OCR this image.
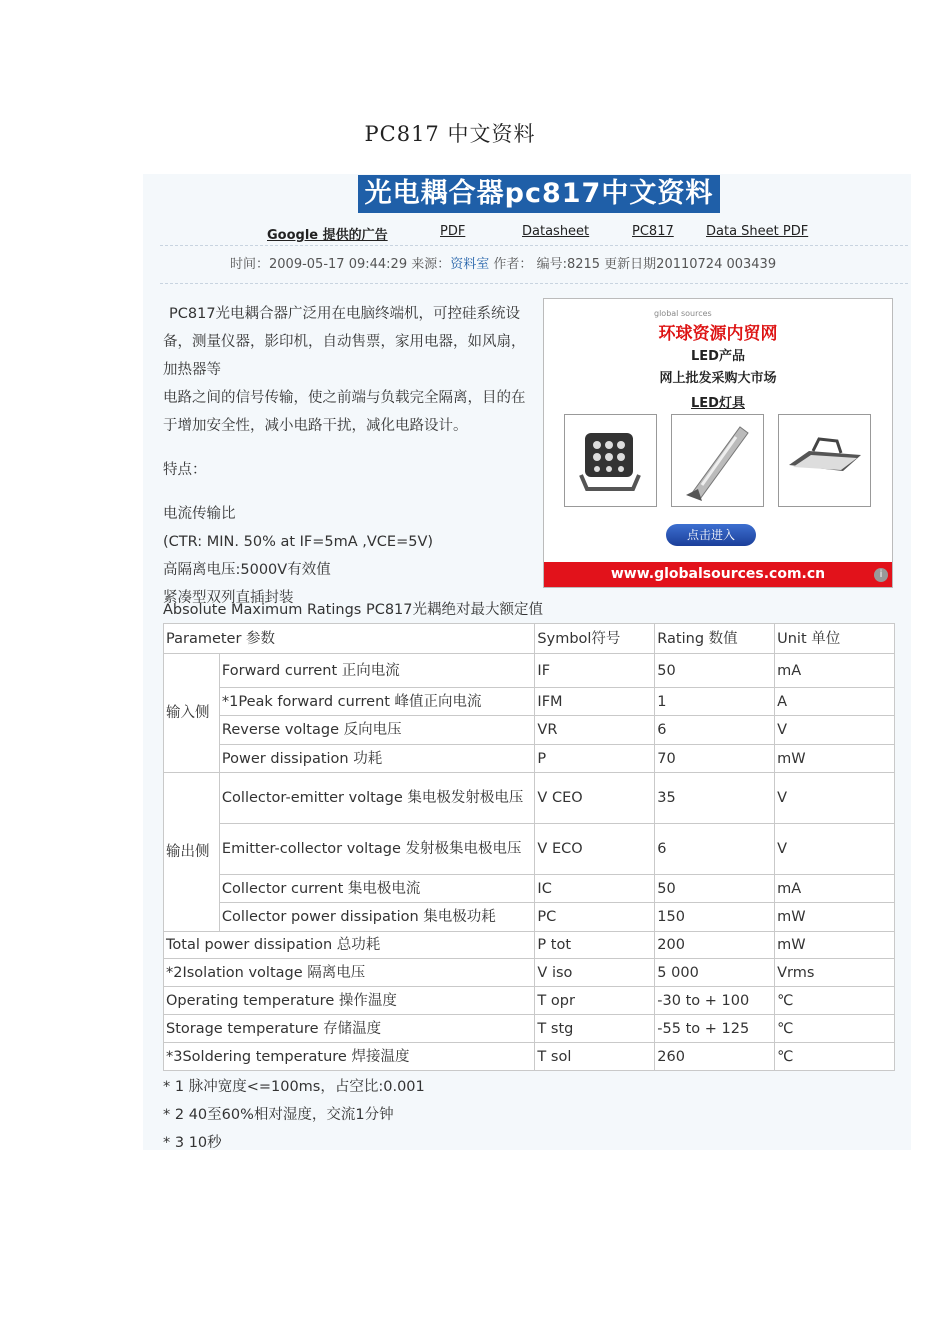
PC817 中文资料
光电耦合器pc817中文资料
Google 提供的广告	PDF	Datasheet	PC817 Data Sheet PDF
时间：2009-05-17 09:44:29 来源：资料室 作者： 编号:8215 更新日期20110724 003439

PC817光电耦合器广泛用在电脑终端机，可控硅系统设备，测量仪器，影印机，自动售票，家用电器，如风扇，加热器等

电路之间的信号传输，使之前端与负载完全隔离，目的在于增加安全性，减小电路干扰，减化电路设计。

特点：

电流传输比

(CTR: MIN. 50% at IF=5mA ,VCE=5V)

高隔离电压:5000V有效值

global sources
环球资源内贸网
LED产品
网上批发采购大市场
LED灯具
点击进入
www.globalsources.com.cn	i
Absolute Maximum Ratings PC817光耦绝对最大额定值
Parameter 参数		Symbol符号	Rating 数值	Unit 单位
输入侧	Forward current 正向电流	IF	50	mA
	*1Peak forward current 峰值正向电流	IFM	1	A
	Reverse voltage 反向电压	VR	6	V
	Power dissipation 功耗	P	70	mW
输出侧	Collector-emitter voltage 集电极发射极电压	V CEO	35	V
	Emitter-collector voltage 发射极集电极电压	V ECO	6	V
	Collector current 集电极电流	IC	50	mA
	Collector power dissipation 集电极功耗	PC	150	mW
Total power dissipation 总功耗		P tot	200	mW
*2Isolation voltage 隔离电压		V iso	5 000	Vrms
Operating temperature 操作温度		T opr	-30 to + 100	℃
Storage temperature 存储温度		T stg	-55 to + 125	℃
*3Soldering temperature 焊接温度		T sol	260	℃
* 1 脉冲宽度<=100ms，占空比:0.001
* 2 40至60%相对湿度，交流1分钟
* 3 10秒
